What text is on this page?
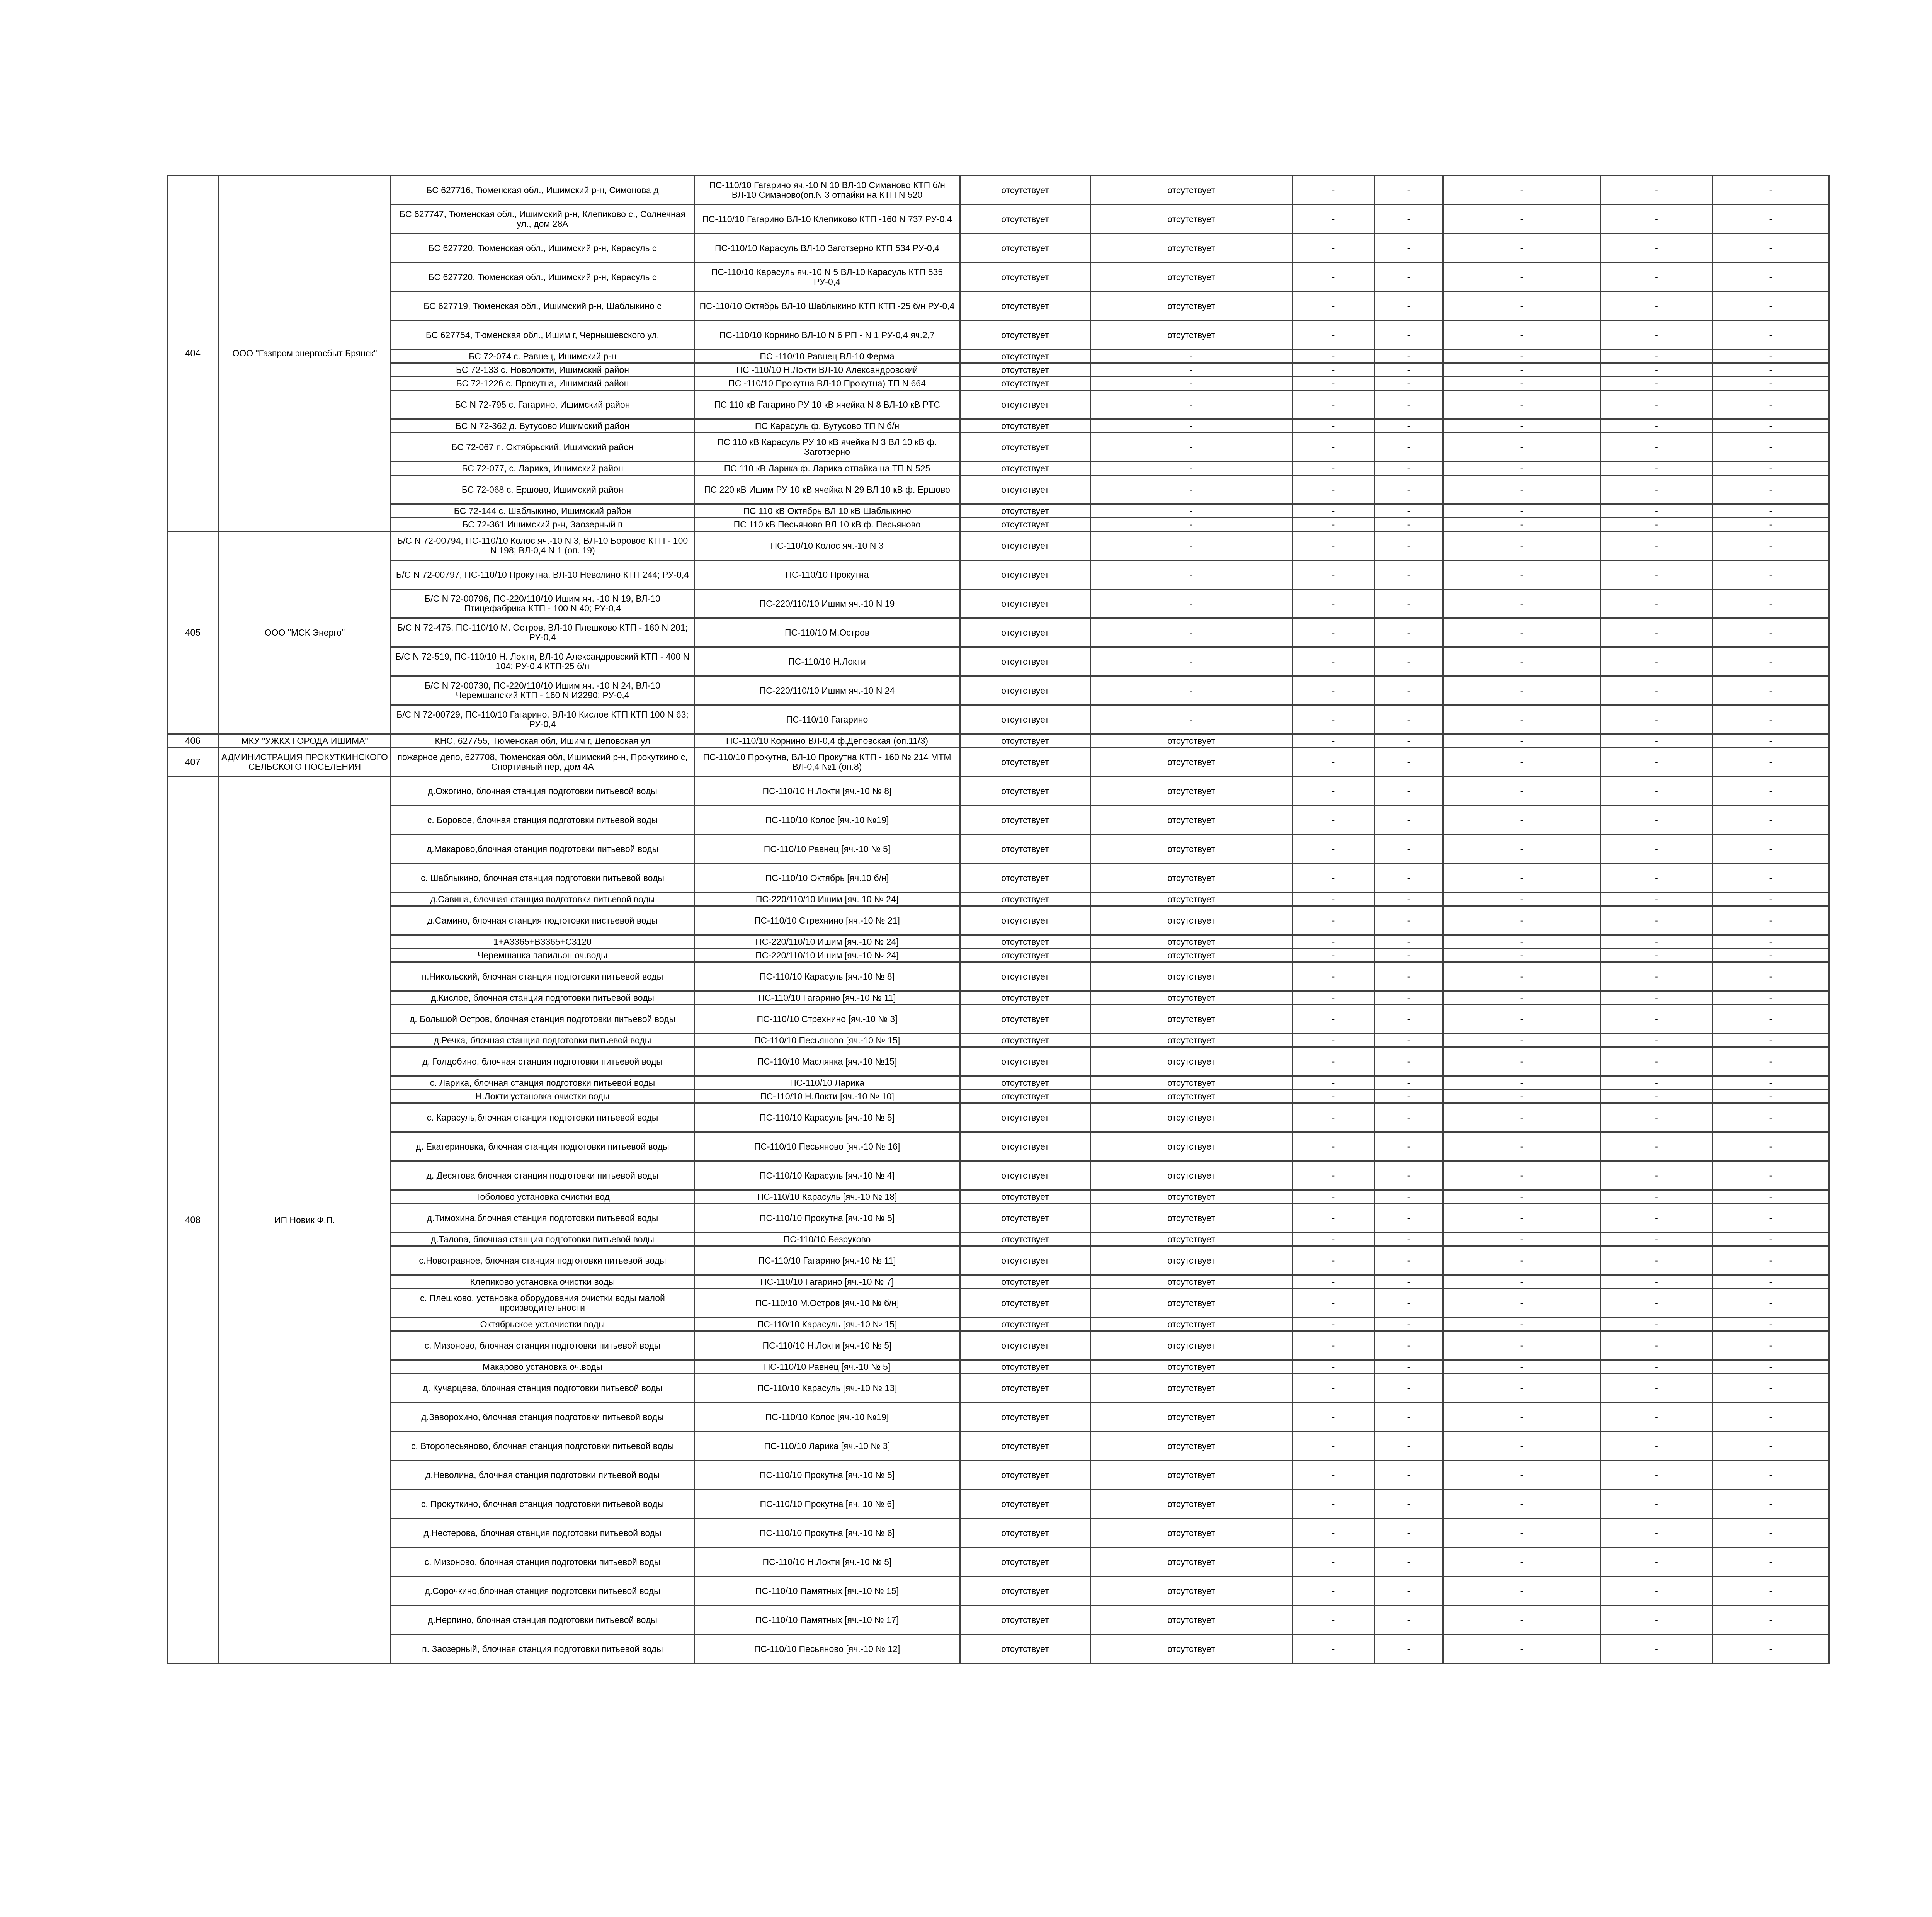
404	ООО "Газпром энергосбыт Брянск"	БС 627716, Тюменская обл., Ишимский р-н, Симонова д	ПС-110/10 Гагарино яч.-10 N 10 ВЛ-10 Симаново КТП б/н ВЛ-10 Симаново(оп.N 3 отпайки на КТП N 520	отсутствует	отсутствует	-	-	-	-	-
		БС 627747, Тюменская обл., Ишимский р-н, Клепиково с., Солнечная ул., дом 28А	ПС-110/10 Гагарино ВЛ-10 Клепиково КТП -160 N 737 РУ-0,4	отсутствует	отсутствует	-	-	-	-	-
		БС 627720, Тюменская обл., Ишимский р-н, Карасуль с	ПС-110/10 Карасуль ВЛ-10 Заготзерно КТП 534 РУ-0,4	отсутствует	отсутствует	-	-	-	-	-
		БС 627720, Тюменская обл., Ишимский р-н, Карасуль с	ПС-110/10 Карасуль яч.-10 N 5 ВЛ-10 Карасуль КТП 535 РУ-0,4	отсутствует	отсутствует	-	-	-	-	-
		БС 627719, Тюменская обл., Ишимский р-н, Шаблыкино с	ПС-110/10 Октябрь ВЛ-10 Шаблыкино КТП КТП -25 б/н РУ-0,4	отсутствует	отсутствует	-	-	-	-	-
		БС 627754, Тюменская обл., Ишим г, Чернышевского ул.	ПС-110/10 Корнино ВЛ-10 N 6 РП - N 1 РУ-0,4 яч.2,7	отсутствует	отсутствует	-	-	-	-	-
		БС 72-074 с. Равнец, Ишимский р-н	ПС -110/10 Равнец ВЛ-10 Ферма	отсутствует	-	-	-	-	-	-
		БС 72-133 с. Новолокти, Ишимский район	ПС -110/10 Н.Локти ВЛ-10 Александровский	отсутствует	-	-	-	-	-	-
		БС 72-1226 с. Прокутна, Ишимский район	ПС -110/10 Прокутна ВЛ-10 Прокутна) ТП N 664	отсутствует	-	-	-	-	-	-
		БС N 72-795 с. Гагарино, Ишимский район	ПС 110 кВ Гагарино РУ 10 кВ ячейка N 8 ВЛ-10 кВ РТС	отсутствует	-	-	-	-	-	-
		БС N 72-362 д. Бутусово Ишимский район	ПС Карасуль ф. Бутусово ТП N б/н	отсутствует	-	-	-	-	-	-
		БС 72-067 п. Октябрьский, Ишимский район	ПС 110 кВ Карасуль РУ 10 кВ ячейка N 3 ВЛ 10 кВ ф. Заготзерно	отсутствует	-	-	-	-	-	-
		БС 72-077, с. Ларика, Ишимский район	ПС 110 кВ Ларика ф. Ларика отпайка на ТП N 525	отсутствует	-	-	-	-	-	-
		БС 72-068 с. Ершово, Ишимский район	ПС 220 кВ Ишим РУ 10 кВ ячейка N 29 ВЛ 10 кВ ф. Ершово	отсутствует	-	-	-	-	-	-
		БС 72-144 с. Шаблыкино, Ишимский район	ПС 110 кВ Октябрь ВЛ 10 кВ Шаблыкино	отсутствует	-	-	-	-	-	-
		БС 72-361 Ишимский р-н, Заозерный п	ПС 110 кВ Песьяново ВЛ 10 кВ ф. Песьяново	отсутствует	-	-	-	-	-	-
405	ООО "МСК Энерго"	Б/С N 72-00794, ПС-110/10 Колос яч.-10 N 3, ВЛ-10 Боровое КТП - 100 N 198; ВЛ-0,4 N 1 (оп. 19)	ПС-110/10 Колос яч.-10 N 3	отсутствует	-	-	-	-	-	-
		Б/С N 72-00797, ПС-110/10 Прокутна, ВЛ-10 Неволино КТП 244; РУ-0,4	ПС-110/10 Прокутна	отсутствует	-	-	-	-	-	-
		Б/С N 72-00796, ПС-220/110/10 Ишим яч. -10 N 19, ВЛ-10 Птицефабрика КТП - 100 N 40; РУ-0,4	ПС-220/110/10 Ишим яч.-10 N 19	отсутствует	-	-	-	-	-	-
		Б/С N 72-475, ПС-110/10 М. Остров, ВЛ-10 Плешково КТП - 160 N 201; РУ-0,4	ПС-110/10 М.Остров	отсутствует	-	-	-	-	-	-
		Б/С N 72-519, ПС-110/10 Н. Локти, ВЛ-10 Александровский КТП - 400 N 104; РУ-0,4 КТП-25 б/н	ПС-110/10 Н.Локти	отсутствует	-	-	-	-	-	-
		Б/С N 72-00730, ПС-220/110/10 Ишим яч. -10 N 24, ВЛ-10 Черемшанский КТП - 160 N И2290; РУ-0,4	ПС-220/110/10 Ишим яч.-10 N 24	отсутствует	-	-	-	-	-	-
		Б/С N 72-00729, ПС-110/10 Гагарино, ВЛ-10 Кислое КТП КТП 100 N 63; РУ-0,4	ПС-110/10 Гагарино	отсутствует	-	-	-	-	-	-
406	МКУ "УЖКХ ГОРОДА ИШИМА"	КНС, 627755, Тюменская обл, Ишим г, Деповская ул	ПС-110/10 Корнино ВЛ-0,4 ф.Деповская (оп.11/3)	отсутствует	отсутствует	-	-	-	-	-
407	АДМИНИСТРАЦИЯ ПРОКУТКИНСКОГО СЕЛЬСКОГО ПОСЕЛЕНИЯ	пожарное депо, 627708, Тюменская обл, Ишимский р-н, Прокуткино с, Спортивный пер, дом 4А	ПС-110/10 Прокутна, ВЛ-10 Прокутна КТП - 160 № 214 МТМ ВЛ-0,4 №1 (оп.8)	отсутствует	отсутствует	-	-	-	-	-
408	ИП Новик Ф.П.	д.Ожогино, блочная станция подготовки питьевой воды	ПС-110/10 Н.Локти [яч.-10 № 8]	отсутствует	отсутствует	-	-	-	-	-
		с. Боровое, блочная станция подготовки питьевой воды	ПС-110/10 Колос [яч.-10 №19]	отсутствует	отсутствует	-	-	-	-	-
		д.Макарово,блочная станция подготовки питьевой воды	ПС-110/10 Равнец [яч.-10 № 5]	отсутствует	отсутствует	-	-	-	-	-
		с. Шаблыкино, блочная станция подготовки питьевой воды	ПС-110/10 Октябрь [яч.10 б/н]	отсутствует	отсутствует	-	-	-	-	-
		д.Савина, блочная станция подготовки питьевой воды	ПС-220/110/10 Ишим [яч. 10 № 24]	отсутствует	отсутствует	-	-	-	-	-
		д.Самино, блочная станция подготовки пистьевой воды	ПС-110/10 Стрехнино [яч.-10 № 21]	отсутствует	отсутствует	-	-	-	-	-
		1+А3365+В3365+С3120	ПС-220/110/10 Ишим [яч.-10 № 24]	отсутствует	отсутствует	-	-	-	-	-
		Черемшанка павильон оч.воды	ПС-220/110/10 Ишим [яч.-10 № 24]	отсутствует	отсутствует	-	-	-	-	-
		п.Никольский, блочная станция подготовки питьевой воды	ПС-110/10 Карасуль [яч.-10 № 8]	отсутствует	отсутствует	-	-	-	-	-
		д.Кислое, блочная станция подготовки питьевой воды	ПС-110/10 Гагарино [яч.-10 № 11]	отсутствует	отсутствует	-	-	-	-	-
		д. Большой Остров, блочная станция подготовки питьевой воды	ПС-110/10 Стрехнино [яч.-10 № 3]	отсутствует	отсутствует	-	-	-	-	-
		д.Речка, блочная станция подготовки питьевой воды	ПС-110/10 Песьяново [яч.-10 № 15]	отсутствует	отсутствует	-	-	-	-	-
		д. Голдобино, блочная станция подготовки питьевой воды	ПС-110/10 Маслянка [яч.-10 №15]	отсутствует	отсутствует	-	-	-	-	-
		с. Ларика, блочная станция подготовки питьевой воды	ПС-110/10 Ларика	отсутствует	отсутствует	-	-	-	-	-
		Н.Локти установка очистки воды	ПС-110/10 Н.Локти [яч.-10 № 10]	отсутствует	отсутствует	-	-	-	-	-
		с. Карасуль,блочная станция подготовки питьевой воды	ПС-110/10 Карасуль [яч.-10 № 5]	отсутствует	отсутствует	-	-	-	-	-
		д. Екатериновка, блочная станция подготовки питьевой воды	ПС-110/10 Песьяново [яч.-10 № 16]	отсутствует	отсутствует	-	-	-	-	-
		д. Десятова блочная станция подготовки питьевой воды	ПС-110/10 Карасуль [яч.-10 № 4]	отсутствует	отсутствует	-	-	-	-	-
		Тоболово установка очистки вод	ПС-110/10 Карасуль [яч.-10 № 18]	отсутствует	отсутствует	-	-	-	-	-
		д.Тимохина,блочная станция подготовки питьевой воды	ПС-110/10 Прокутна [яч.-10 № 5]	отсутствует	отсутствует	-	-	-	-	-
		д.Талова, блочная станция подготовки питьевой воды	ПС-110/10 Безруково	отсутствует	отсутствует	-	-	-	-	-
		с.Новотравное, блочная станция подготовки питьевой воды	ПС-110/10 Гагарино [яч.-10 № 11]	отсутствует	отсутствует	-	-	-	-	-
		Клепиково установка очистки воды	ПС-110/10 Гагарино [яч.-10 № 7]	отсутствует	отсутствует	-	-	-	-	-
		с. Плешково, установка оборудования очистки воды малой производительности	ПС-110/10 М.Остров [яч.-10 № б/н]	отсутствует	отсутствует	-	-	-	-	-
		Октябрьское уст.очистки воды	ПС-110/10 Карасуль [яч.-10 № 15]	отсутствует	отсутствует	-	-	-	-	-
		с. Мизоново, блочная станция подготовки питьевой воды	ПС-110/10 Н.Локти [яч.-10 № 5]	отсутствует	отсутствует	-	-	-	-	-
		Макарово установка оч.воды	ПС-110/10 Равнец [яч.-10 № 5]	отсутствует	отсутствует	-	-	-	-	-
		д. Кучарцева, блочная станция подготовки питьевой воды	ПС-110/10 Карасуль [яч.-10 № 13]	отсутствует	отсутствует	-	-	-	-	-
		д.Заворохино, блочная станция подготовки питьевой воды	ПС-110/10 Колос [яч.-10 №19]	отсутствует	отсутствует	-	-	-	-	-
		с. Второпесьяново, блочная станция подготовки питьевой воды	ПС-110/10 Ларика [яч.-10 № 3]	отсутствует	отсутствует	-	-	-	-	-
		д.Неволина, блочная станция подготовки питьевой воды	ПС-110/10 Прокутна [яч.-10 № 5]	отсутствует	отсутствует	-	-	-	-	-
		с. Прокуткино, блочная станция подготовки питьевой воды	ПС-110/10 Прокутна [яч. 10 № 6]	отсутствует	отсутствует	-	-	-	-	-
		д.Нестерова, блочная станция подготовки питьевой воды	ПС-110/10 Прокутна [яч.-10 № 6]	отсутствует	отсутствует	-	-	-	-	-
		с. Мизоново, блочная станция подготовки питьевой воды	ПС-110/10 Н.Локти [яч.-10 № 5]	отсутствует	отсутствует	-	-	-	-	-
		д.Сорочкино,блочная станция подготовки питьевой воды	ПС-110/10 Памятных [яч.-10 № 15]	отсутствует	отсутствует	-	-	-	-	-
		д.Нерпино, блочная станция подготовки питьевой воды	ПС-110/10 Памятных [яч.-10 № 17]	отсутствует	отсутствует	-	-	-	-	-
		п. Заозерный, блочная станция подготовки питьевой воды	ПС-110/10 Песьяново [яч.-10 № 12]	отсутствует	отсутствует	-	-	-	-	-
